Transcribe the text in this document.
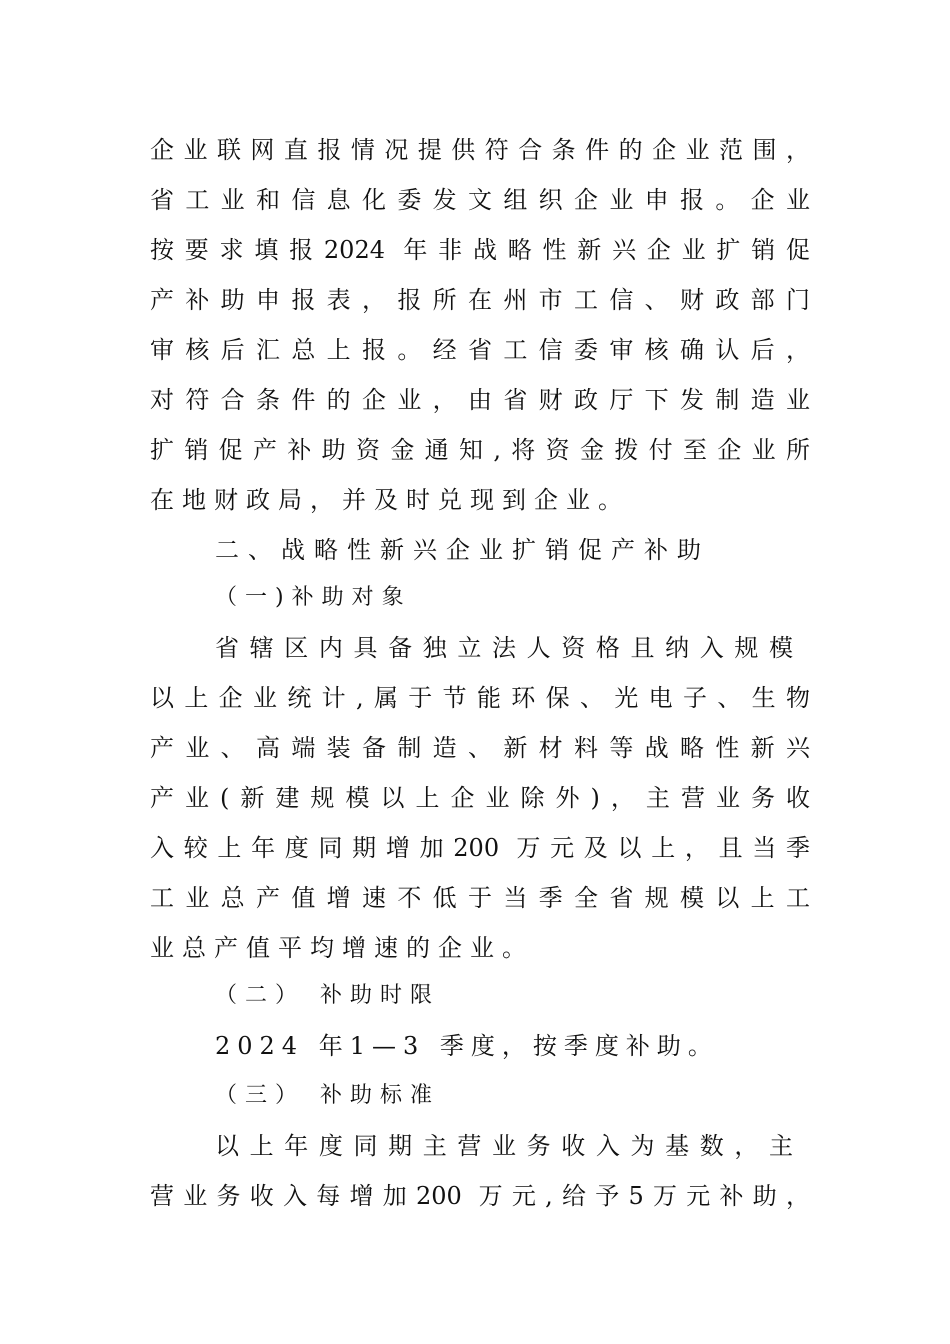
企业联网直报情况提供符合条件的企业范围，
省工业和信息化委发文组织企业申报。企业
按要求填报2024 年非战略性新兴企业扩销促
产补助申报表，报所在州市工信、财政部门
审核后汇总上报。经省工信委审核确认后，
对符合条件的企业，由省财政厅下发制造业
扩销促产补助资金通知,将资金拨付至企业所
在地财政局，并及时兑现到企业。
二、战略性新兴企业扩销促产补助
（一)补助对象
省辖区内具备独立法人资格且纳入规模
以上企业统计,属于节能环保、光电子、生物
产业、高端装备制造、新材料等战略性新兴
产业(新建规模以上企业除外)，主营业务收
入较上年度同期增加200 万元及以上，且当季
工业总产值增速不低于当季全省规模以上工
业总产值平均增速的企业。
（二） 补助时限
2024 年1—3 季度，按季度补助。
（三） 补助标准
以上年度同期主营业务收入为基数，主
营业务收入每增加200 万元,给予5万元补助，
